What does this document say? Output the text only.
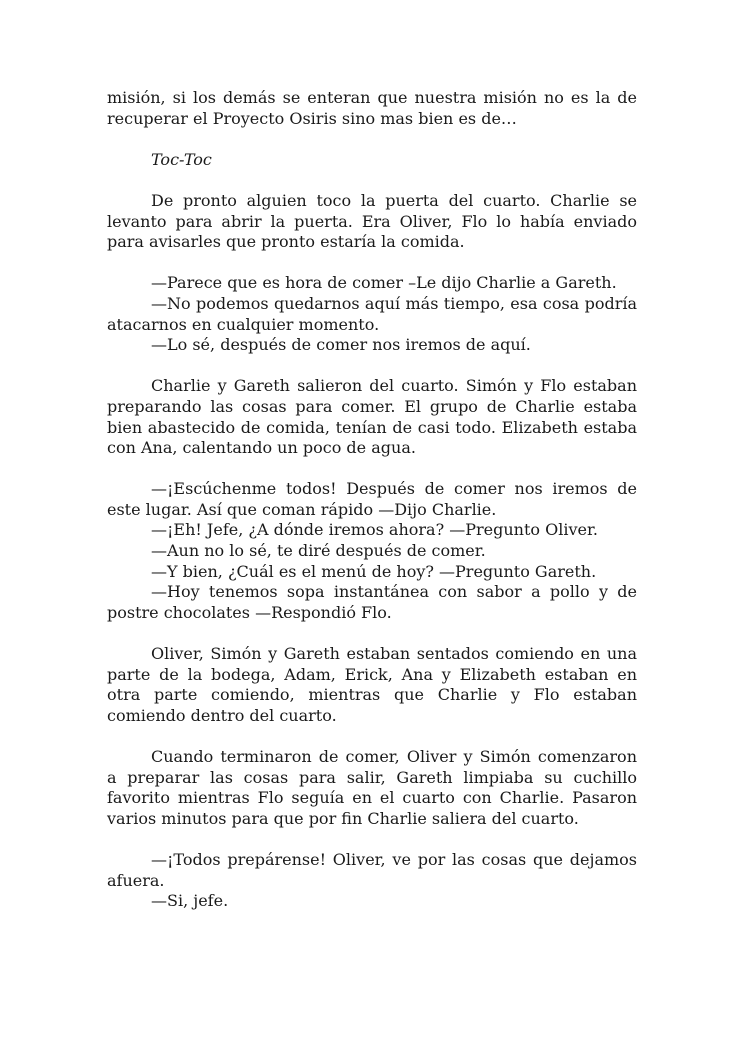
misión, si los demás se enteran que nuestra misión no es la de recuperar el Proyecto Osiris sino mas bien es de…

Toc-Toc

De pronto alguien toco la puerta del cuarto. Charlie se levanto para abrir la puerta. Era Oliver, Flo lo había enviado para avisarles que pronto estaría la comida.

—Parece que es hora de comer –Le dijo Charlie a Gareth.

—No podemos quedarnos aquí más tiempo, esa cosa podría atacarnos en cualquier momento.

—Lo sé, después de comer nos iremos de aquí.

Charlie y Gareth salieron del cuarto. Simón y Flo estaban preparando las cosas para comer. El grupo de Charlie estaba bien abastecido de comida, tenían de casi todo. Elizabeth estaba con Ana, calentando un poco de agua.

—¡Escúchenme todos! Después de comer nos iremos de este lugar. Así que coman rápido —Dijo Charlie.

—¡Eh! Jefe, ¿A dónde iremos ahora? —Pregunto Oliver.

—Aun no lo sé, te diré después de comer.

—Y bien, ¿Cuál es el menú de hoy? —Pregunto Gareth.

—Hoy tenemos sopa instantánea con sabor a pollo y de postre chocolates —Respondió Flo.

Oliver, Simón y Gareth estaban sentados comiendo en una parte de la bodega, Adam, Erick, Ana y Elizabeth estaban en otra parte comiendo, mientras que Charlie y Flo estaban comiendo dentro del cuarto.

Cuando terminaron de comer, Oliver y Simón comenzaron a preparar las cosas para salir, Gareth limpiaba su cuchillo favorito mientras Flo seguía en el cuarto con Charlie. Pasaron varios minutos para que por fin Charlie saliera del cuarto.

—¡Todos prepárense! Oliver, ve por las cosas que dejamos afuera.

—Si, jefe.
